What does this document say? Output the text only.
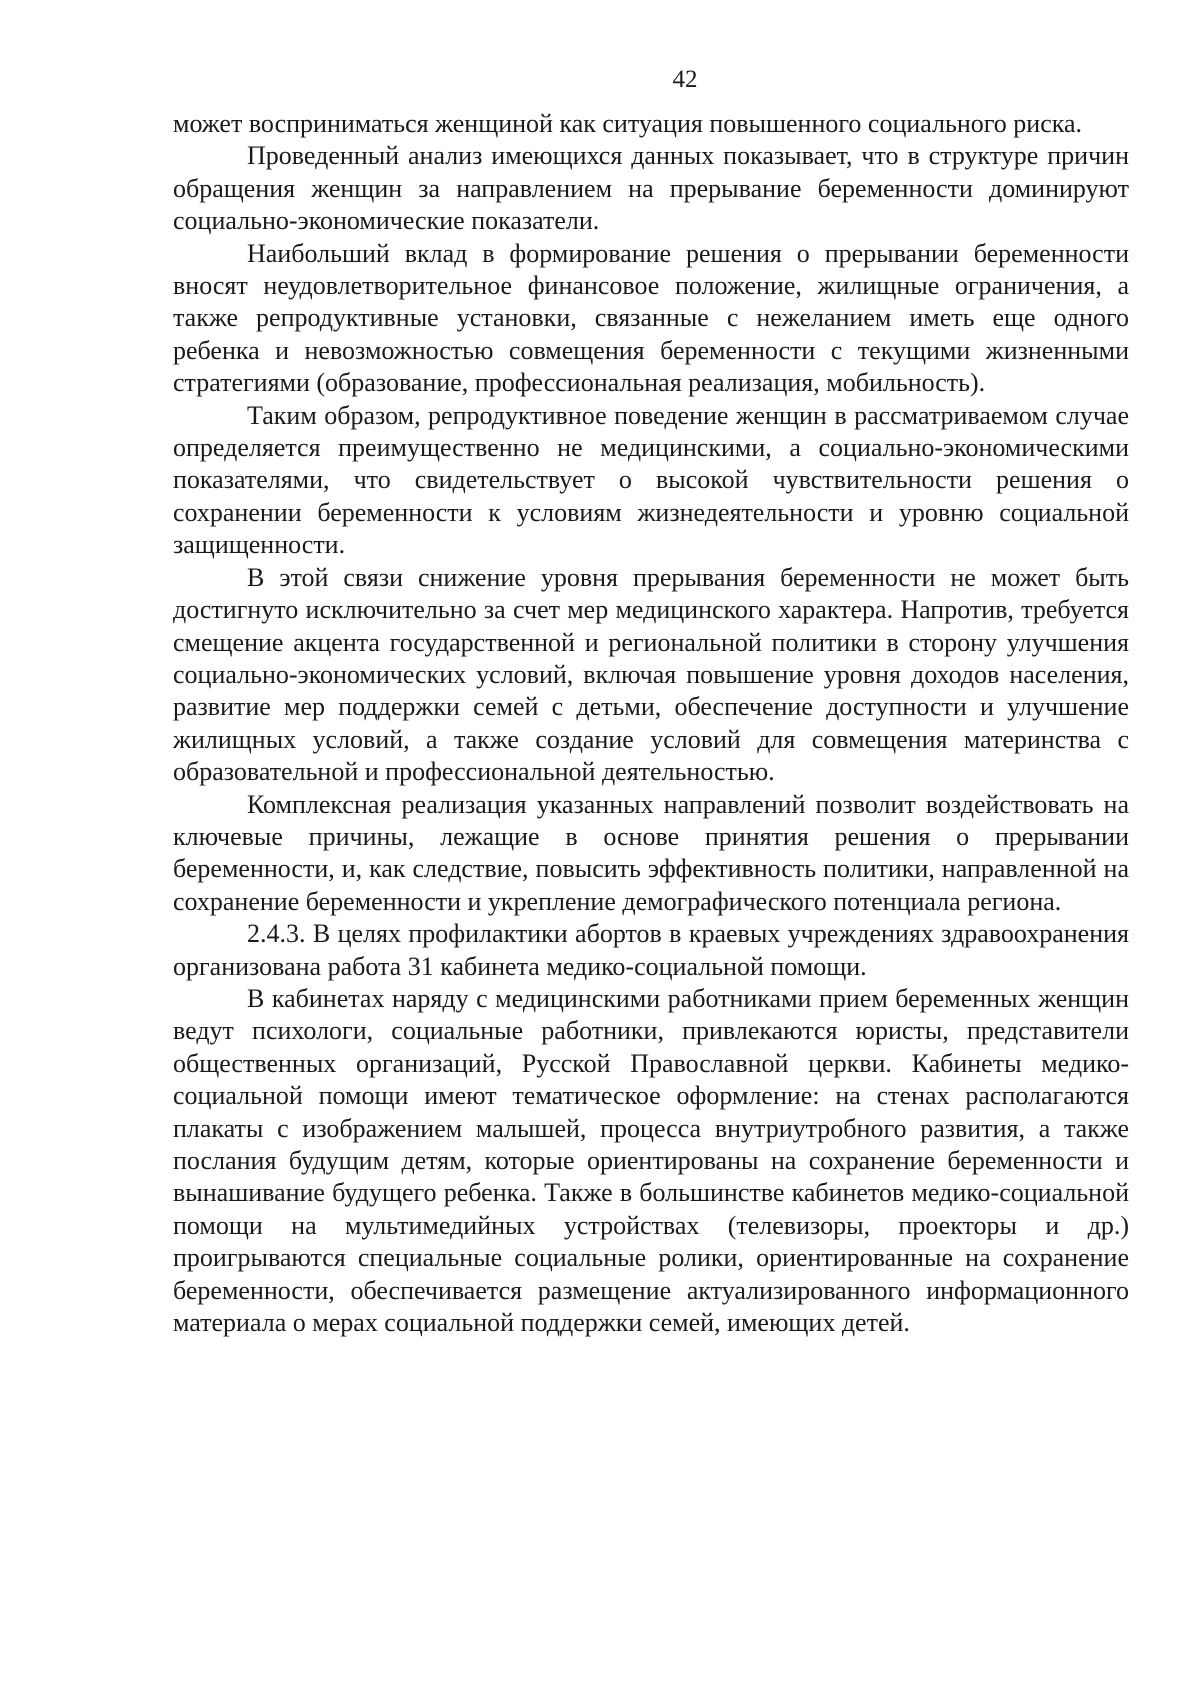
42

может восприниматься женщиной как ситуация повышенного социального риска.

Проведенный анализ имеющихся данных показывает, что в структуре причин обращения женщин за направлением на прерывание беременности доминируют социально-экономические показатели.

Наибольший вклад в формирование решения о прерывании беременности вносят неудовлетворительное финансовое положение, жилищные ограничения, а также репродуктивные установки, связанные с нежеланием иметь еще одного ребенка и невозможностью совмещения беременности с текущими жизненными стратегиями (образование, профессиональная реализация, мобильность).

Таким образом, репродуктивное поведение женщин в рассматриваемом случае определяется преимущественно не медицинскими, а социально-экономическими показателями, что свидетельствует о высокой чувствительности решения о сохранении беременности к условиям жизнедеятельности и уровню социальной защищенности.

В этой связи снижение уровня прерывания беременности не может быть достигнуто исключительно за счет мер медицинского характера. Напротив, требуется смещение акцента государственной и региональной политики в сторону улучшения социально-экономических условий, включая повышение уровня доходов населения, развитие мер поддержки семей с детьми, обеспечение доступности и улучшение жилищных условий, а также создание условий для совмещения материнства с образовательной и профессиональной деятельностью.

Комплексная реализация указанных направлений позволит воздействовать на ключевые причины, лежащие в основе принятия решения о прерывании беременности, и, как следствие, повысить эффективность политики, направленной на сохранение беременности и укрепление демографического потенциала региона.

2.4.3. В целях профилактики абортов в краевых учреждениях здравоохранения организована работа 31 кабинета медико-социальной помощи.

В кабинетах наряду с медицинскими работниками прием беременных женщин ведут психологи, социальные работники, привлекаются юристы, представители общественных организаций, Русской Православной церкви. Кабинеты медико-социальной помощи имеют тематическое оформление: на стенах располагаются плакаты с изображением малышей, процесса внутриутробного развития, а также послания будущим детям, которые ориентированы на сохранение беременности и вынашивание будущего ребенка. Также в большинстве кабинетов медико-социальной помощи на мультимедийных устройствах (телевизоры, проекторы и др.) проигрываются специальные социальные ролики, ориентированные на сохранение беременности, обеспечивается размещение актуализированного информационного материала о мерах социальной поддержки семей, имеющих детей.
